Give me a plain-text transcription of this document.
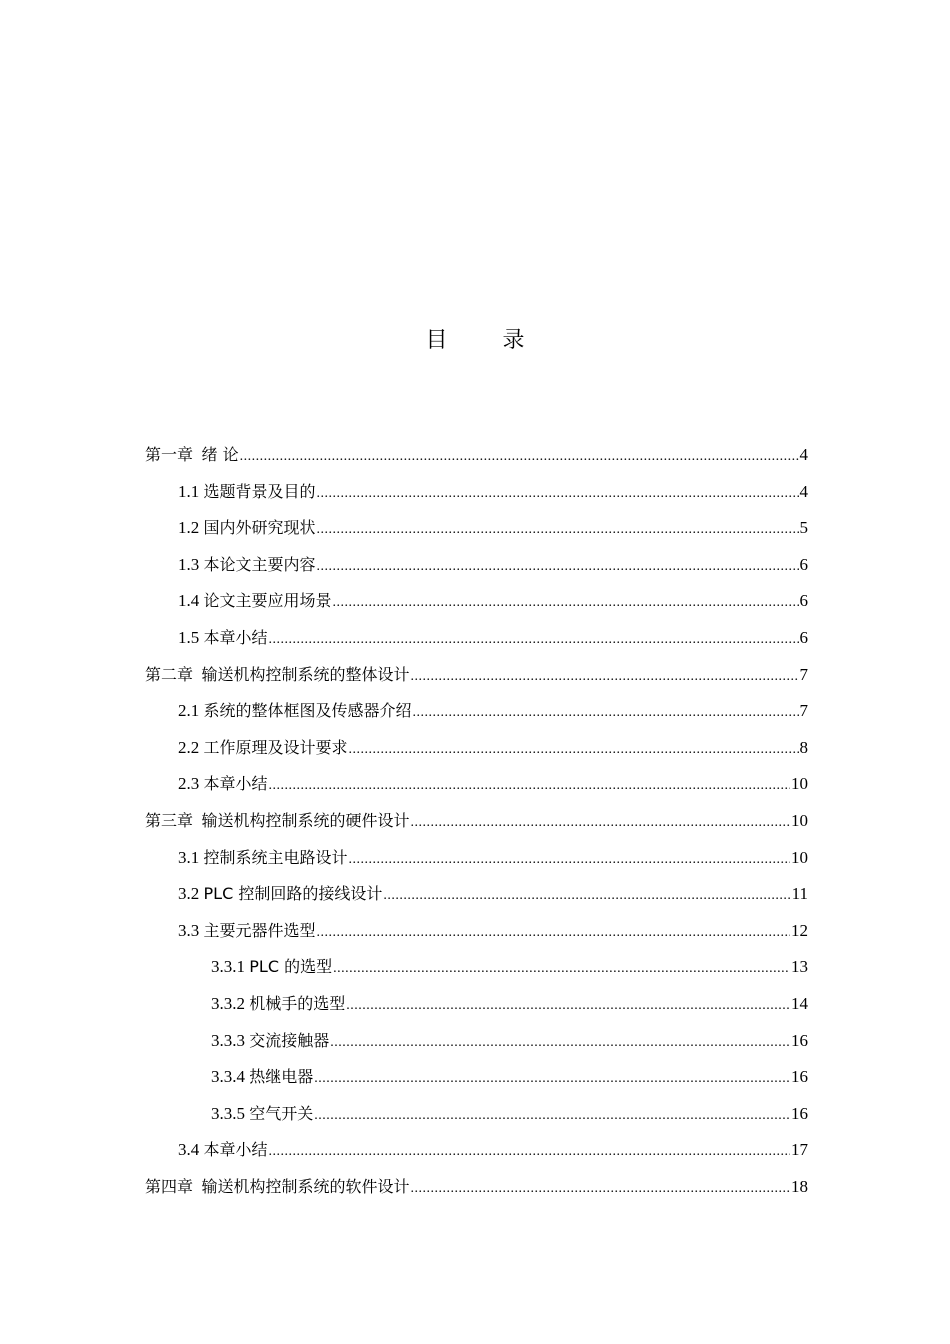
目 录
第一章 绪 论 .....	4
1.1 选题背景及目的 .....	4
1.2 国内外研究现状 .....	5
1.3 本论文主要内容 .....	6
1.4 论文主要应用场景 .....	6
1.5 本章小结 .....	6
第二章 输送机构控制系统的整体设计 .....	7
2.1 系统的整体框图及传感器介绍 .....	7
2.2 工作原理及设计要求 .....	8
2.3 本章小结 .....	10
第三章 输送机构控制系统的硬件设计 .....	10
3.1 控制系统主电路设计 .....	10
3.2 PLC 控制回路的接线设计 .....	11
3.3 主要元器件选型 .....	12
3.3.1 PLC 的选型 .....	13
3.3.2 机械手的选型 .....	14
3.3.3 交流接触器 .....	16
3.3.4 热继电器 .....	16
3.3.5 空气开关 .....	16
3.4 本章小结 .....	17
第四章 输送机构控制系统的软件设计 .....	18
